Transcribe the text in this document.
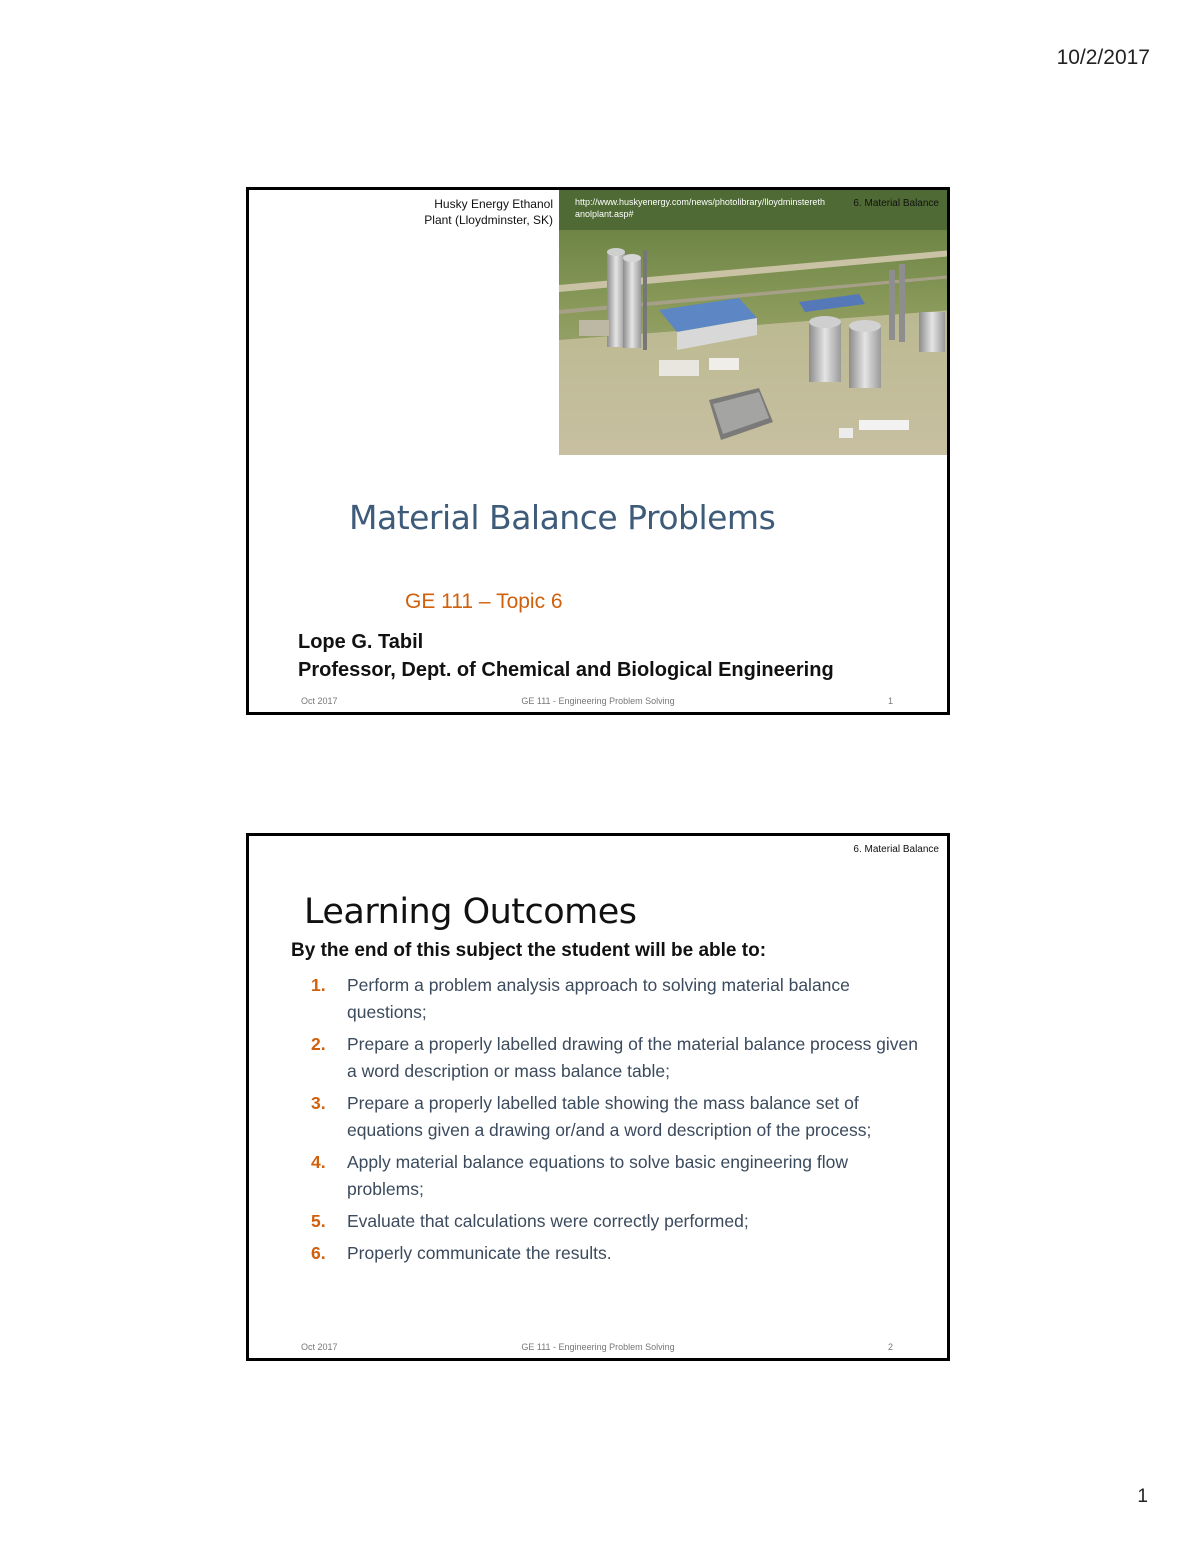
10/2/2017
Husky Energy Ethanol
Plant (Lloydminster, SK)
http://www.huskyenergy.com/news/photolibrary/lloydminsterethanolplant.asp#
6. Material Balance
Material Balance Problems
GE 111 – Topic 6
Lope G. Tabil
Professor, Dept. of Chemical and Biological Engineering
Oct 2017	GE 111 - Engineering Problem Solving	1
6. Material Balance
Learning Outcomes
By the end of this subject the student will be able to:
1. Perform a problem analysis approach to solving material balance questions;
2. Prepare a properly labelled drawing of the material balance process given a word description or mass balance table;
3. Prepare a properly labelled table showing the mass balance set of equations given a drawing or/and a word description of the process;
4. Apply material balance equations to solve basic engineering flow problems;
5. Evaluate that calculations were correctly performed;
6. Properly communicate the results.
Oct 2017	GE 111 - Engineering Problem Solving	2
1
